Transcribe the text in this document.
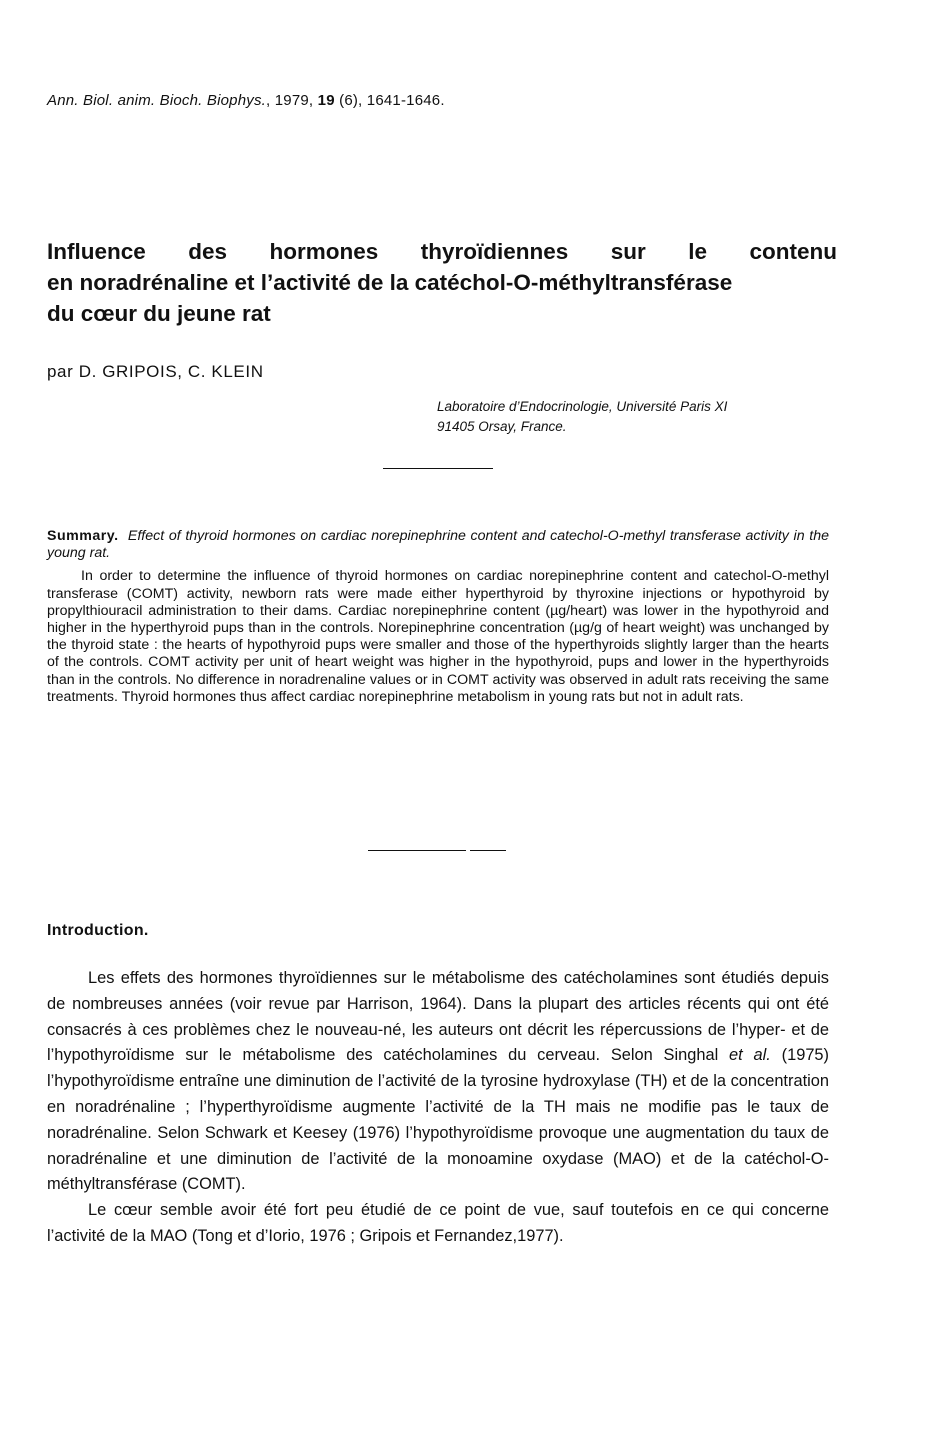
Ann. Biol. anim. Bioch. Biophys., 1979, 19 (6), 1641-1646.
Influence des hormones thyroïdiennes sur le contenu
en noradrénaline et l’activité de la catéchol-O-méthyltransférase
du cœur du jeune rat
par D. GRIPOIS, C. KLEIN
Laboratoire d’Endocrinologie, Université Paris XI
91405 Orsay, France.
Summary. Effect of thyroid hormones on cardiac norepinephrine content and catechol-O-methyl transferase activity in the young rat.
In order to determine the influence of thyroid hormones on cardiac norepinephrine content and catechol-O-methyl transferase (COMT) activity, newborn rats were made either hyperthyroid by thyroxine injections or hypothyroid by propylthiouracil administration to their dams. Cardiac norepinephrine content (µg/heart) was lower in the hypothyroid and higher in the hyperthyroid pups than in the controls. Norepinephrine concentration (µg/g of heart weight) was unchanged by the thyroid state : the hearts of hypothyroid pups were smaller and those of the hyperthyroids slightly larger than the hearts of the controls. COMT activity per unit of heart weight was higher in the hypothyroid, pups and lower in the hyperthyroids than in the controls. No difference in noradrenaline values or in COMT activity was observed in adult rats receiving the same treatments. Thyroid hormones thus affect cardiac norepinephrine metabolism in young rats but not in adult rats.
Introduction.

Les effets des hormones thyroïdiennes sur le métabolisme des catécholamines sont étudiés depuis de nombreuses années (voir revue par Harrison, 1964). Dans la plupart des articles récents qui ont été consacrés à ces problèmes chez le nouveau-né, les auteurs ont décrit les répercussions de l’hyper- et de l’hypothyroïdisme sur le métabolisme des catécholamines du cerveau. Selon Singhal et al. (1975) l’hypothyroïdisme entraîne une diminution de l’activité de la tyrosine hydroxylase (TH) et de la concentration en noradrénaline ; l’hyperthyroïdisme augmente l’activité de la TH mais ne modifie pas le taux de noradrénaline. Selon Schwark et Keesey (1976) l’hypothyroïdisme provoque une augmentation du taux de noradrénaline et une diminution de l’activité de la monoamine oxydase (MAO) et de la catéchol-O-méthyltransférase (COMT).

Le cœur semble avoir été fort peu étudié de ce point de vue, sauf toutefois en ce qui concerne l’activité de la MAO (Tong et d’Iorio, 1976 ; Gripois et Fernandez,1977).
